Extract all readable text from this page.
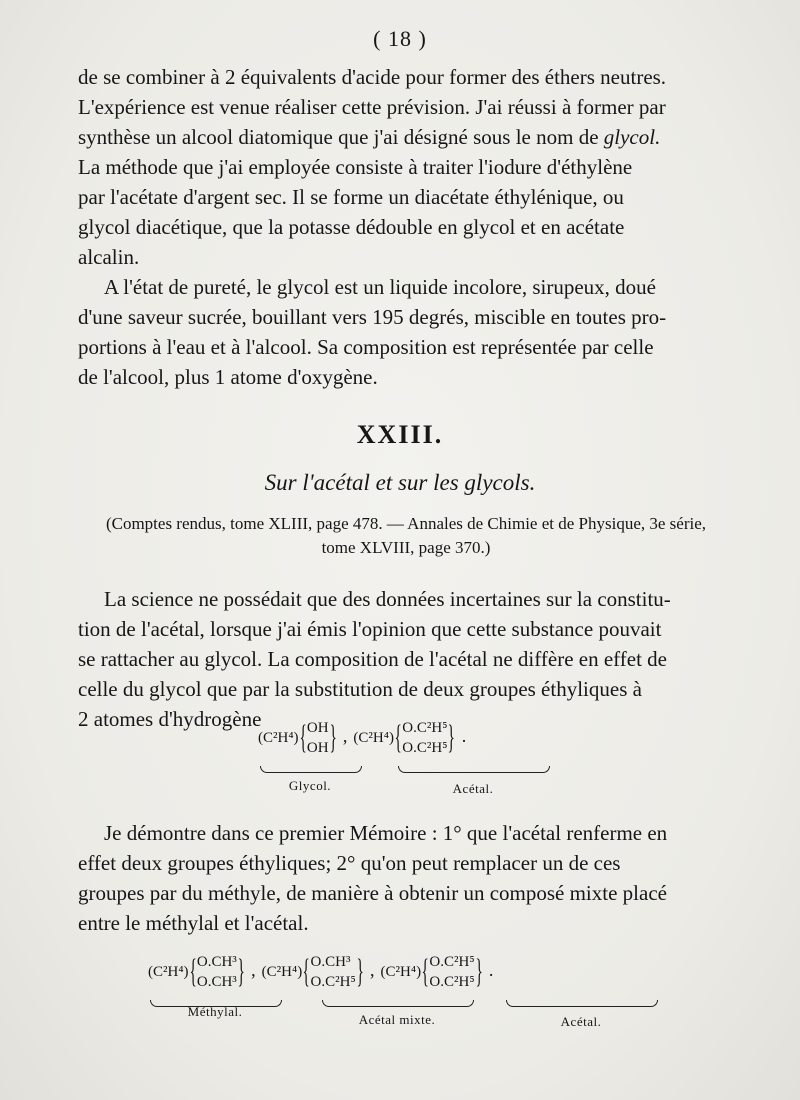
( 18 )

de se combiner à 2 équivalents d'acide pour former des éthers neutres.

L'expérience est venue réaliser cette prévision. J'ai réussi à former par

synthèse un alcool diatomique que j'ai désigné sous le nom de glycol.

La méthode que j'ai employée consiste à traiter l'iodure d'éthylène

par l'acétate d'argent sec. Il se forme un diacétate éthylénique, ou

glycol diacétique, que la potasse dédouble en glycol et en acétate

alcalin.

A l'état de pureté, le glycol est un liquide incolore, sirupeux, doué

d'une saveur sucrée, bouillant vers 195 degrés, miscible en toutes pro-

portions à l'eau et à l'alcool. Sa composition est représentée par celle

de l'alcool, plus 1 atome d'oxygène.

XXIII.
Sur l'acétal et sur les glycols.
(Comptes rendus, tome XLIII, page 478. — Annales de Chimie et de Physique, 3e série,
tome XLVIII, page 370.)

La science ne possédait que des données incertaines sur la constitu-

tion de l'acétal, lorsque j'ai émis l'opinion que cette substance pouvait

se rattacher au glycol. La composition de l'acétal ne diffère en effet de

celle du glycol que par la substitution de deux groupes éthyliques à

2 atomes d'hydrogène

(C²H⁴) { OH
OH } , (C²H⁴) { O.C²H⁵
O.C²H⁵ } .
Glycol.	Acétal.

Je démontre dans ce premier Mémoire : 1° que l'acétal renferme en

effet deux groupes éthyliques; 2° qu'on peut remplacer un de ces

groupes par du méthyle, de manière à obtenir un composé mixte placé

entre le méthylal et l'acétal.

(C²H⁴) { O.CH³
O.CH³ } , (C²H⁴) { O.CH³
O.C²H⁵ } , (C²H⁴) { O.C²H⁵
O.C²H⁵ } .
Méthylal.
Acétal mixte.	Acétal.
